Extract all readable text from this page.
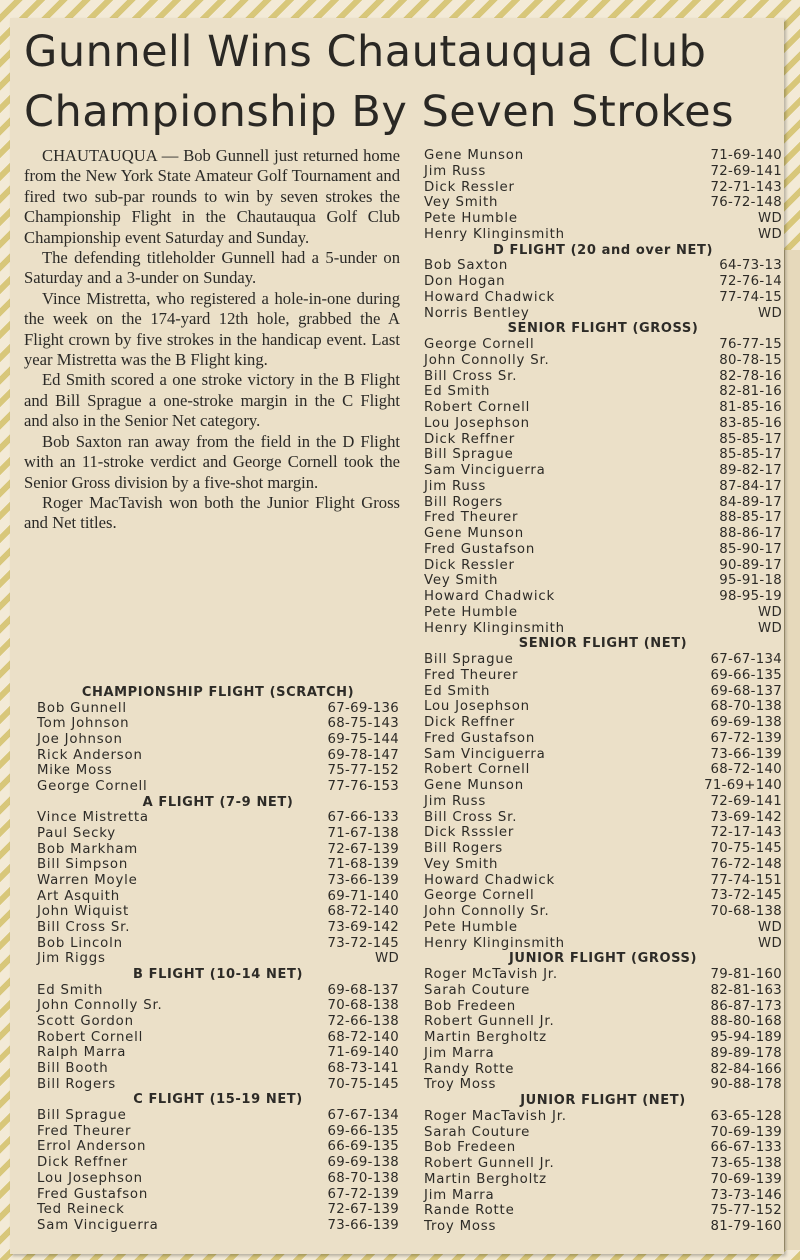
Gunnell Wins Chautauqua Club
Championship By Seven Strokes

CHAUTAUQUA — Bob Gunnell just returned home from the New York State Amateur Golf Tournament and fired two sub-par rounds to win by seven strokes the Championship Flight in the Chautauqua Golf Club Championship event Saturday and Sunday.

The defending titleholder Gunnell had a 5-under on Saturday and a 3-under on Sunday.

Vince Mistretta, who registered a hole-in-one during the week on the 174-yard 12th hole, grabbed the A Flight crown by five strokes in the handicap event. Last year Mistretta was the B Flight king.

Ed Smith scored a one stroke victory in the B Flight and Bill Sprague a one-stroke margin in the C Flight and also in the Senior Net category.

Bob Saxton ran away from the field in the D Flight with an 11-stroke verdict and George Cornell took the Senior Gross division by a five-shot margin.

Roger MacTavish won both the Junior Flight Gross and Net titles.

CHAMPIONSHIP FLIGHT (SCRATCH)
Bob Gunnell	67-69-136
Tom Johnson	68-75-143
Joe Johnson	69-75-144
Rick Anderson	69-78-147
Mike Moss	75-77-152
George Cornell	77-76-153
A FLIGHT (7-9 NET)
Vince Mistretta	67-66-133
Paul Secky	71-67-138
Bob Markham	72-67-139
Bill Simpson	71-68-139
Warren Moyle	73-66-139
Art Asquith	69-71-140
John Wiquist	68-72-140
Bill Cross Sr.	73-69-142
Bob Lincoln	73-72-145
Jim Riggs	WD
B FLIGHT (10-14 NET)
Ed Smith	69-68-137
John Connolly Sr.	70-68-138
Scott Gordon	72-66-138
Robert Cornell	68-72-140
Ralph Marra	71-69-140
Bill Booth	68-73-141
Bill Rogers	70-75-145
C FLIGHT (15-19 NET)
Bill Sprague	67-67-134
Fred Theurer	69-66-135
Errol Anderson	66-69-135
Dick Reffner	69-69-138
Lou Josephson	68-70-138
Fred Gustafson	67-72-139
Ted Reineck	72-67-139
Sam Vinciguerra	73-66-139
Gene Munson	71-69-140
Jim Russ	72-69-141
Dick Ressler	72-71-143
Vey Smith	76-72-148
Pete Humble	WD
Henry Klinginsmith	WD
D FLIGHT (20 and over NET)
Bob Saxton	64-73-13
Don Hogan	72-76-14
Howard Chadwick	77-74-15
Norris Bentley	WD
SENIOR FLIGHT (GROSS)
George Cornell	76-77-15
John Connolly Sr.	80-78-15
Bill Cross Sr.	82-78-16
Ed Smith	82-81-16
Robert Cornell	81-85-16
Lou Josephson	83-85-16
Dick Reffner	85-85-17
Bill Sprague	85-85-17
Sam Vinciguerra	89-82-17
Jim Russ	87-84-17
Bill Rogers	84-89-17
Fred Theurer	88-85-17
Gene Munson	88-86-17
Fred Gustafson	85-90-17
Dick Ressler	90-89-17
Vey Smith	95-91-18
Howard Chadwick	98-95-19
Pete Humble	WD
Henry Klinginsmith	WD
SENIOR FLIGHT (NET)
Bill Sprague	67-67-134
Fred Theurer	69-66-135
Ed Smith	69-68-137
Lou Josephson	68-70-138
Dick Reffner	69-69-138
Fred Gustafson	67-72-139
Sam Vinciguerra	73-66-139
Robert Cornell	68-72-140
Gene Munson	71-69+140
Jim Russ	72-69-141
Bill Cross Sr.	73-69-142
Dick Rsssler	72-17-143
Bill Rogers	70-75-145
Vey Smith	76-72-148
Howard Chadwick	77-74-151
George Cornell	73-72-145
John Connolly Sr.	70-68-138
Pete Humble	WD
Henry Klinginsmith	WD
JUNIOR FLIGHT (GROSS)
Roger McTavish Jr.	79-81-160
Sarah Couture	82-81-163
Bob Fredeen	86-87-173
Robert Gunnell Jr.	88-80-168
Martin Bergholtz	95-94-189
Jim Marra	89-89-178
Randy Rotte	82-84-166
Troy Moss	90-88-178
JUNIOR FLIGHT (NET)
Roger MacTavish Jr.	63-65-128
Sarah Couture	70-69-139
Bob Fredeen	66-67-133
Robert Gunnell Jr.	73-65-138
Martin Bergholtz	70-69-139
Jim Marra	73-73-146
Rande Rotte	75-77-152
Troy Moss	81-79-160
